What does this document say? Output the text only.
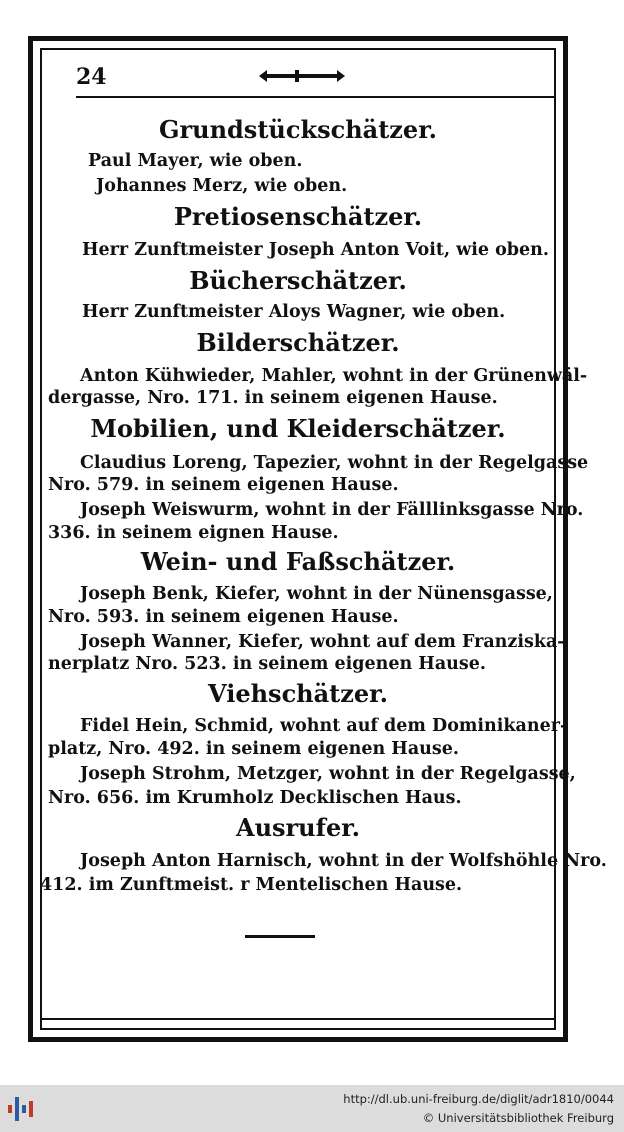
24
Grundstückschätzer.
Paul Mayer, wie oben.
Johannes Merz, wie oben.
Pretiosenschätzer.
Herr Zunftmeister Joseph Anton Voit, wie oben.
Bücherschätzer.
Herr Zunftmeister Aloys Wagner, wie oben.
Bilderschätzer.
Anton Kühwieder, Mahler, wohnt in der Grünenwäl-
dergasse, Nro. 171. in seinem eigenen Hause.
Mobilien, und Kleiderschätzer.
Claudius Loreng, Tapezier, wohnt in der Regelgasse
Nro. 579. in seinem eigenen Hause.
Joseph Weiswurm, wohnt in der Fälllinksgasse Nro.
336. in seinem eignen Hause.
Wein- und Faßschätzer.
Joseph Benk, Kiefer, wohnt in der Nünensgasse,
Nro. 593. in seinem eigenen Hause.
Joseph Wanner, Kiefer, wohnt auf dem Franziska-
nerplatz Nro. 523. in seinem eigenen Hause.
Viehschätzer.
Fidel Hein, Schmid, wohnt auf dem Dominikaner-
platz, Nro. 492. in seinem eigenen Hause.
Joseph Strohm, Metzger, wohnt in der Regelgasse,
Nro. 656. im Krumholz Decklischen Haus.
Ausrufer.
Joseph Anton Harnisch, wohnt in der Wolfshöhle Nro.
412. im Zunftmeist. r Mentelischen Hause.
http://dl.ub.uni-freiburg.de/diglit/adr1810/0044
© Universitätsbibliothek Freiburg
